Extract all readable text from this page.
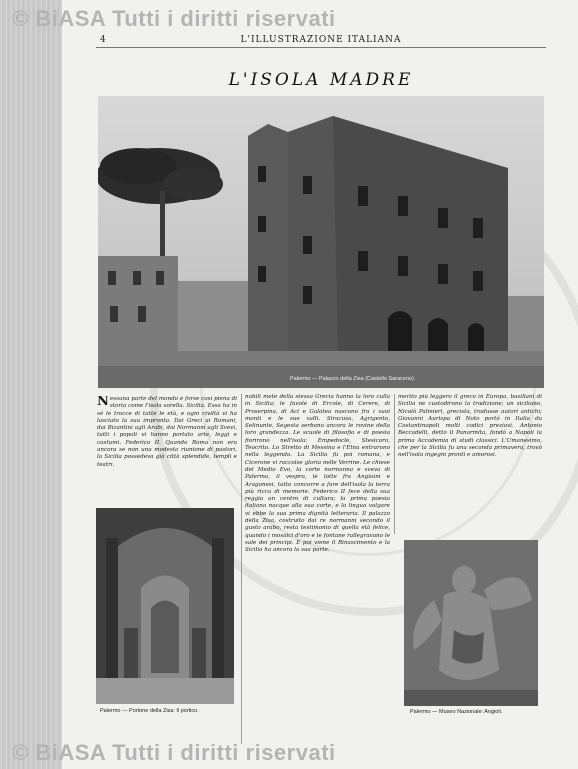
© BiASA Tutti i diritti riservati
4	L'ILLUSTRAZIONE ITALIANA
L'ISOLA MADRE
Palermo — Palazzo della Zisa (Castello Saraceno).
Palermo — Portone della Zisa: Il portico.	Palermo — Museo Nazionale: Angioli.
Nessuna parte del mondo è forse così piena di storia come l'isola sorella. Sicilia. Essa ha in sé le tracce di tutte le età, e ogni civiltà vi ha lasciato la sua impronta. Dai Greci ai Romani, dai Bizantini agli Arabi, dai Normanni agli Svevi, tutti i popoli vi hanno portato arte, leggi e costumi. Federico II. Quando Roma non era ancora se non una modesta riunione di pastori, la Sicilia possedeva già città splendide, templi e teatri.
nobili mete della stessa Grecia hanno la loro culla in Sicilia; le favole di Ercole, di Cerere, di Proserpina, di Aci e Galatea nascono fra i suoi monti e le sue valli. Siracusa, Agrigento, Selinunte, Segesta serbano ancora le rovine della loro grandezza. Le scuole di filosofia e di poesia fiorirono nell'isola: Empedocle, Stesicoro, Teocrito. Lo Stretto di Messina e l'Etna entrarono nella leggenda. La Sicilia fu poi romana, e Cicerone vi raccolse gloria nelle Verrine. Le chiese del Medio Evo, la corte normanna e sveva di Palermo, il vespro, le lotte fra Angioini e Aragonesi, tutto concorre a fare dell'isola la terra più ricca di memorie. Federico II fece della sua reggia un centro di cultura; la prima poesia italiana nacque alla sua corte, e la lingua volgare vi ebbe la sua prima dignità letteraria. Il palazzo della Zisa, costruito dai re normanni secondo il gusto arabo, resta testimonio di quella età felice, quando i mosaici d'oro e le fontane rallegravano le sale dei principi. E poi viene il Rinascimento e la Sicilia ha ancora la sua parte.
merito più leggero il greco in Europa, basiliani di Sicilia ne custodirono la tradizione; un siciliano, Nicolò Palmieri, grecista, tradusse autori antichi; Giovanni Aurispa di Noto portò in Italia da Costantinopoli molti codici preziosi. Antonio Beccadelli, detto il Panormita, fondò a Napoli la prima Accademia di studi classici. L'Umanesimo, che per la Sicilia fu una seconda primavera, trovò nell'isola ingegni pronti e amorosi.
© BiASA Tutti i diritti riservati
